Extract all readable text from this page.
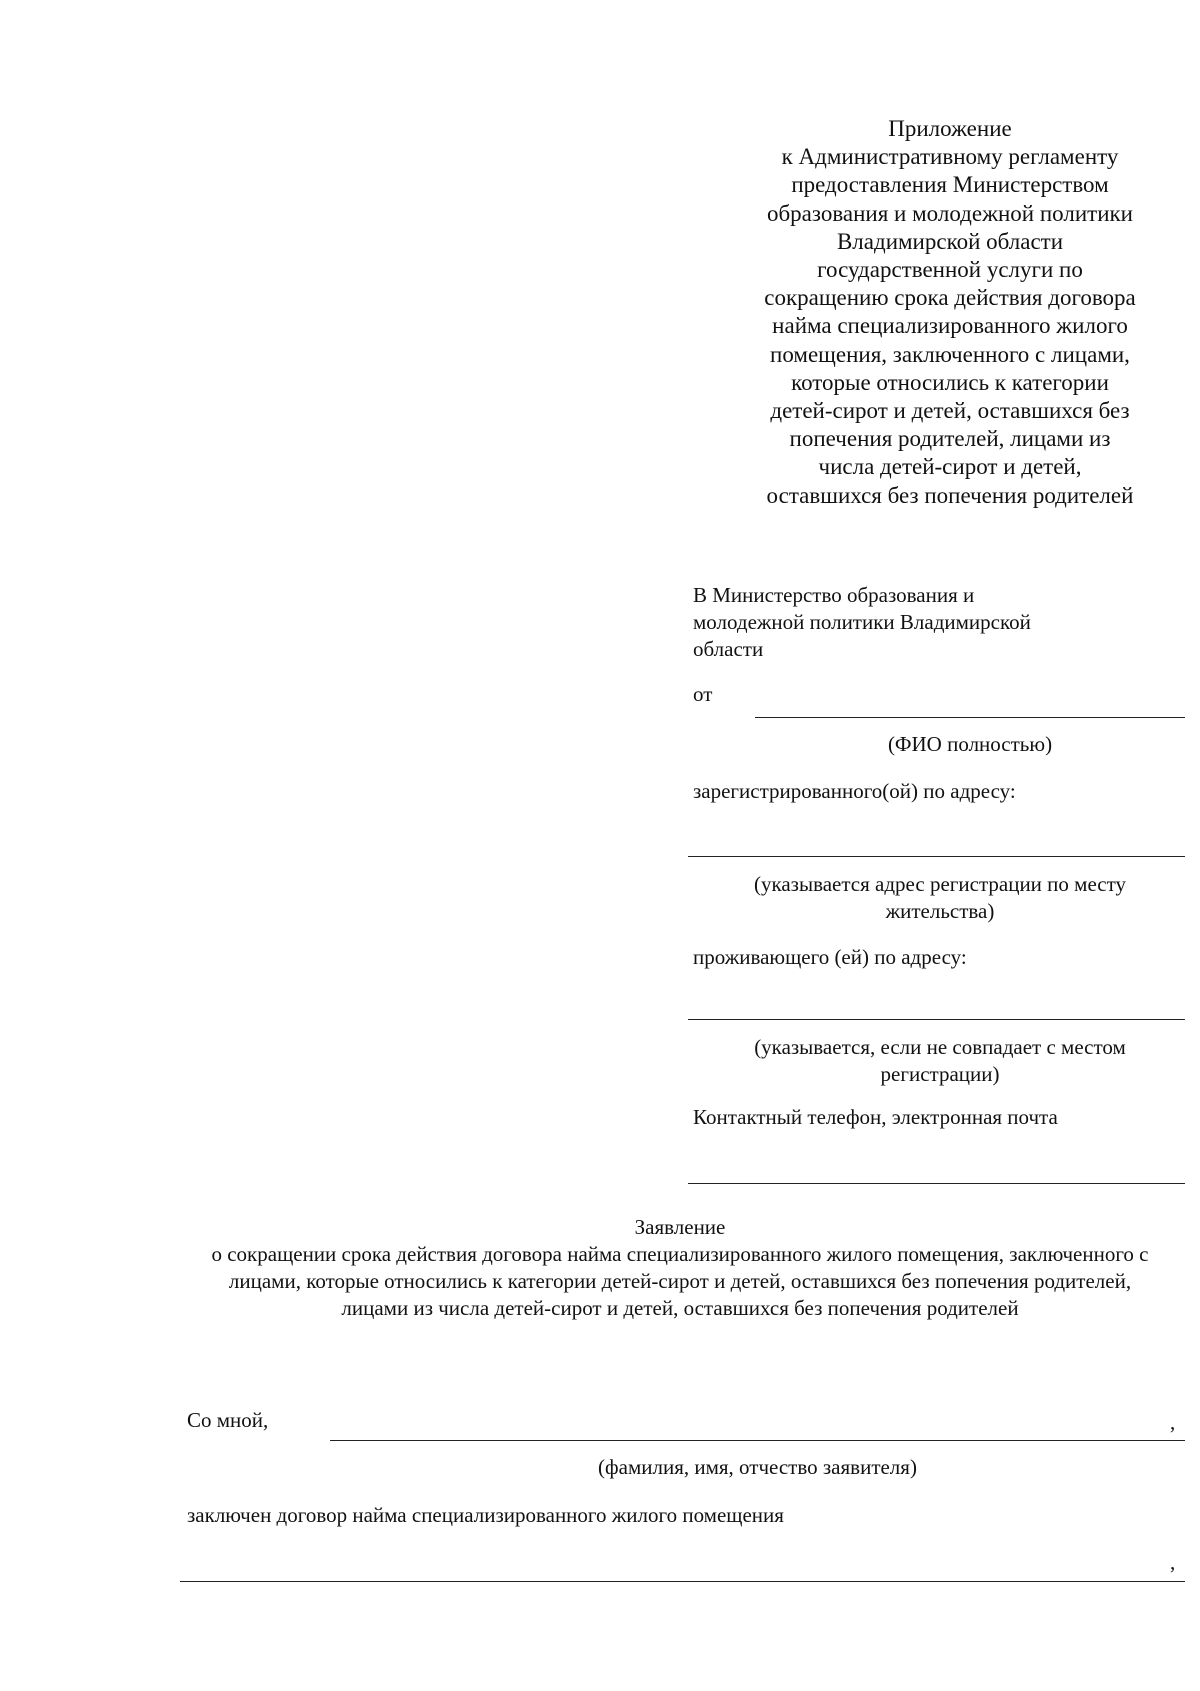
Приложение
к Административному регламенту
предоставления Министерством
образования и молодежной политики
Владимирской области
государственной услуги по
сокращению срока действия договора
найма специализированного жилого
помещения, заключенного с лицами,
которые относились к категории
детей-сирот и детей, оставшихся без
попечения родителей, лицами из
числа детей-сирот и детей,
оставшихся без попечения родителей
В Министерство образования и
молодежной политики Владимирской
области
от
(ФИО полностью)
зарегистрированного(ой) по адресу:
(указывается адрес регистрации по месту
жительства)
проживающего (ей) по адресу:
(указывается, если не совпадает с местом
регистрации)
Контактный телефон, электронная почта
Заявление
о сокращении срока действия договора найма специализированного жилого помещения, заключенного с
лицами, которые относились к категории детей-сирот и детей, оставшихся без попечения родителей,
лицами из числа детей-сирот и детей, оставшихся без попечения родителей
Со мной,	,
(фамилия, имя, отчество заявителя)
заключен договор найма специализированного жилого помещения
,
